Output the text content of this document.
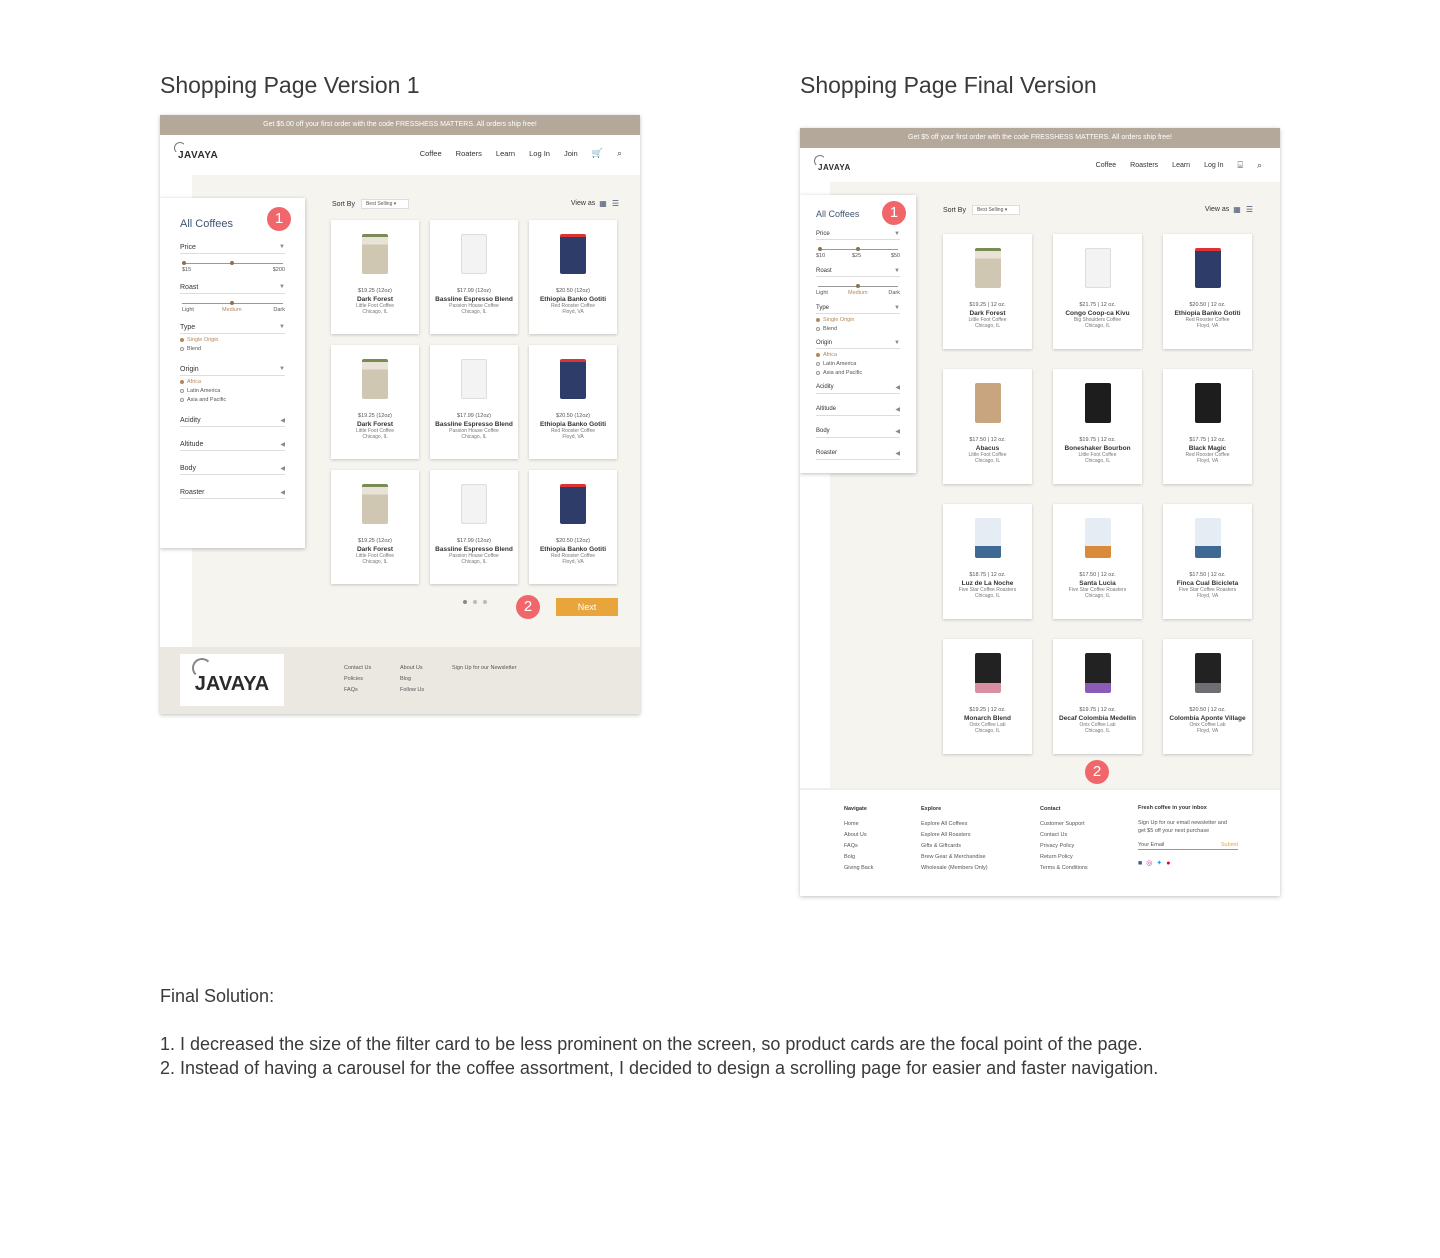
Shopping Page Version 1	Shopping Page Final Version
Get $5.00 off your first order with the code FRESSHESS MATTERS. All orders ship free!
JAVAYA	Coffee Roaters Learn Log In Join 🛒 ⌕
All Coffees
Price	▼
$15	$200
Roast	▼
Light	Medium	Dark
Type	▼
Single Origin
Blend
Origin	▼
Africa
Latin America
Asia and Pacific
Acidity	◀
Altitude	◀
Body	◀
Roaster	◀
1
Sort By	Best Selling ▾	View as ▦ ☰
$19.25 (12oz)
Dark Forest
Little Foot Coffee
Chicago, IL
$17.99 (12oz)
Bassline Espresso Blend
Passion House Coffee
Chicago, IL
$20.50 (12oz)
Ethiopia Banko Gotiti
Red Rooster Coffee
Floyd, VA
$19.25 (12oz)
Dark Forest
Little Foot Coffee
Chicago, IL
$17.99 (12oz)
Bassline Espresso Blend
Passion House Coffee
Chicago, IL
$20.50 (12oz)
Ethiopia Banko Gotiti
Red Rooster Coffee
Floyd, VA
$19.25 (12oz)
Dark Forest
Little Foot Coffee
Chicago, IL
$17.99 (12oz)
Bassline Espresso Blend
Passion House Coffee
Chicago, IL
$20.50 (12oz)
Ethiopia Banko Gotiti
Red Rooster Coffee
Floyd, VA
2	Next
JAVAYA
Contact Us
Policies
FAQs
About Us
Blog
Follow Us
Sign Up for our Newsletter
Get $5 off your first order with the code FRESSHESS MATTERS. All orders ship free!
JAVAYA	Coffee Roasters Learn Log In ⌸ ⌕
All Coffees
Price	▼
$10	$25	$50
Roast	▼
Light	Medium	Dark
Type	▼
Single Origin
Blend
Origin	▼
Africa
Latin America
Asia and Pacific
Acidity	◀
Altitude	◀
Body	◀
Roaster	◀
1	Sort By	Best Selling ▾	View as ▦ ☰
$19.25 | 12 oz.
Dark Forest
Little Foot Coffee
Chicago, IL
$21.75 | 12 oz.
Congo Coop-ca Kivu
Big Shoulders Coffee
Chicago, IL
$20.50 | 12 oz.
Ethiopia Banko Gotiti
Red Rooster Coffee
Floyd, VA
$17.50 | 12 oz.
Abacus
Little Foot Coffee
Chicago, IL
$19.75 | 12 oz.
Boneshaker Bourbon
Little Foot Coffee
Chicago, IL
$17.75 | 12 oz.
Black Magic
Red Rooster Coffee
Floyd, VA
$18.75 | 12 oz.
Luz de La Noche
Five Star Coffee Roasters
Chicago, IL
$17.50 | 12 oz.
Santa Lucia
Five Star Coffee Roasters
Chicago, IL
$17.50 | 12 oz.
Finca Cual Bicicleta
Five Star Coffee Roasters
Floyd, VA
$19.25 | 12 oz.
Monarch Blend
Onix Coffee Lab
Chicago, IL
$19.75 | 12 oz.
Decaf Colombia Medellin
Onix Coffee Lab
Chicago, IL
$20.50 | 12 oz.
Colombia Aponte Village
Onix Coffee Lab
Floyd, VA
2
Navigate
Home
About Us
FAQs
Bolg
Giving Back
Explore
Explore All Coffees
Explore All Roasters
Gifts & Giftcards
Brew Gear & Merchandise
Wholesale (Members Only)
Contact
Customer Support
Contact Us
Privacy Policy
Return Policy
Terms & Conditions
Fresh coffee in your inbox
Sign Up for our email newsletter and
get $5 off your next purchase
Your Email	Submit
■ ◎ ✦ ●

Final Solution:

1. I decreased the size of the filter card to be less prominent on the screen, so product cards are the focal point of the page.

2. Instead of having a carousel for the coffee assortment, I decided to design a scrolling page for easier and faster navigation.
